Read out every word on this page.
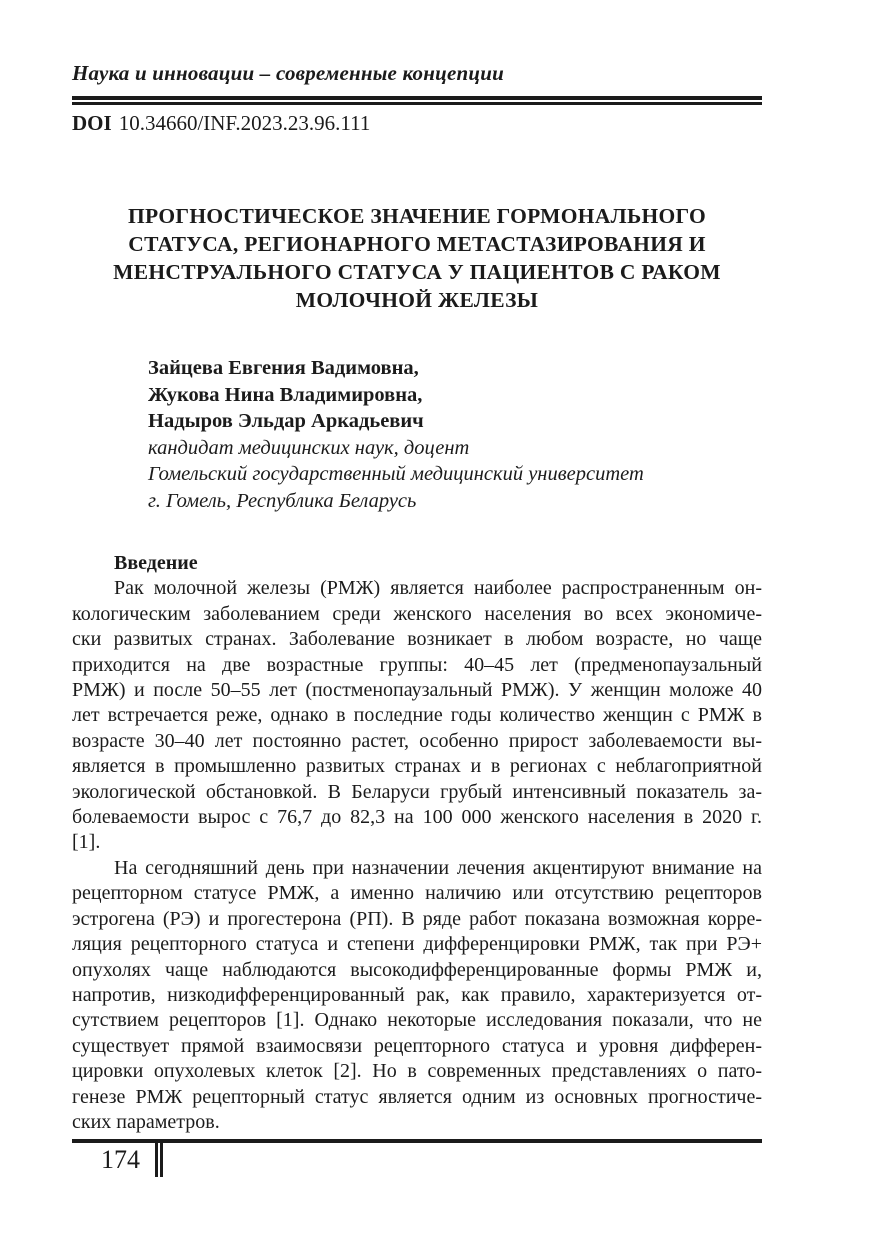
Наука и инновации – современные концепции
DOI 10.34660/INF.2023.23.96.111
ПРОГНОСТИЧЕСКОЕ ЗНАЧЕНИЕ ГОРМОНАЛЬНОГО
СТАТУСА, РЕГИОНАРНОГО МЕТАСТАЗИРОВАНИЯ И
МЕНСТРУАЛЬНОГО СТАТУСА У ПАЦИЕНТОВ С РАКОМ
МОЛОЧНОЙ ЖЕЛЕЗЫ
Зайцева Евгения Вадимовна,
Жукова Нина Владимировна,
Надыров Эльдар Аркадьевич
кандидат медицинских наук, доцент
Гомельский государственный медицинский университет
г. Гомель, Республика Беларусь
Введение
Рак молочной железы (РМЖ) является наиболее распространенным он-
кологическим заболеванием среди женского населения во всех экономиче-
ски развитых странах. Заболевание возникает в любом возрасте, но чаще
приходится на две возрастные группы: 40–45 лет (предменопаузальный
РМЖ) и после 50–55 лет (постменопаузальный РМЖ). У женщин моложе 40
лет встречается реже, однако в последние годы количество женщин с РМЖ в
возрасте 30–40 лет постоянно растет, особенно прирост заболеваемости вы-
является в промышленно развитых странах и в регионах с неблагоприятной
экологической обстановкой. В Беларуси грубый интенсивный показатель за-
болеваемости вырос с 76,7 до 82,3 на 100 000 женского населения в 2020 г.
[1].
На сегодняшний день при назначении лечения акцентируют внимание на
рецепторном статусе РМЖ, а именно наличию или отсутствию рецепторов
эстрогена (РЭ) и прогестерона (РП). В ряде работ показана возможная корре-
ляция рецепторного статуса и степени дифференцировки РМЖ, так при РЭ+
опухолях чаще наблюдаются высокодифференцированные формы РМЖ и,
напротив, низкодифференцированный рак, как правило, характеризуется от-
сутствием рецепторов [1]. Однако некоторые исследования показали, что не
существует прямой взаимосвязи рецепторного статуса и уровня дифферен-
цировки опухолевых клеток [2]. Но в современных представлениях о пато-
генезе РМЖ рецепторный статус является одним из основных прогностиче-
ских параметров.
174
